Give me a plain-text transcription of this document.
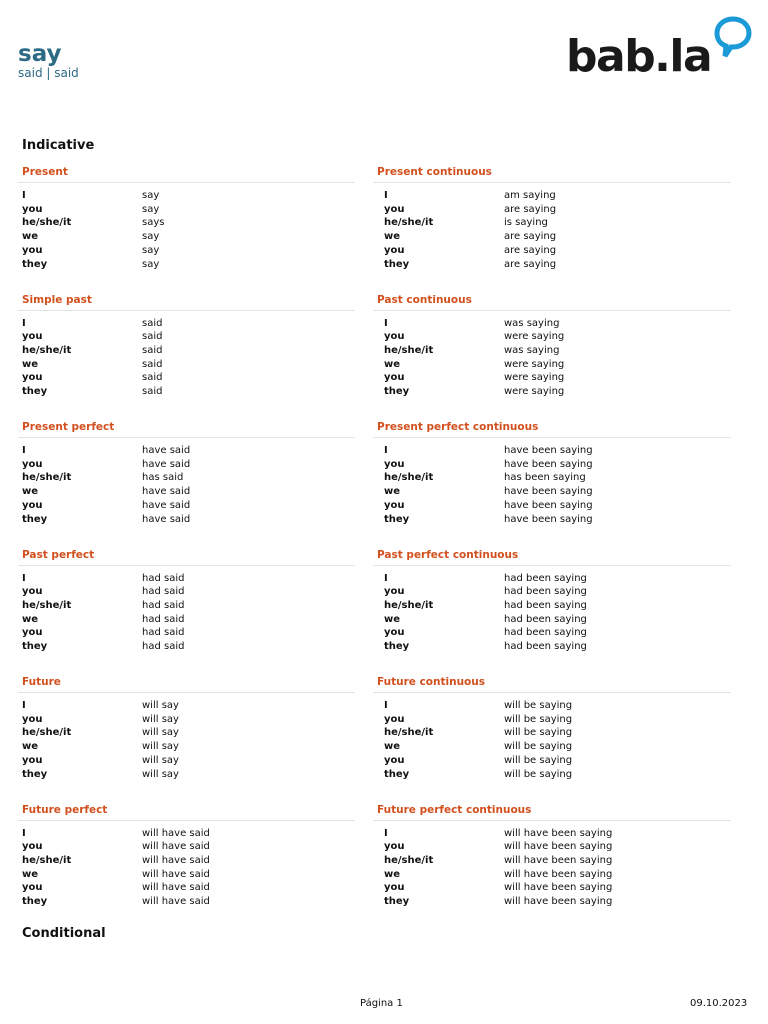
say
said | said	bab.la
Indicative
Present
I	say
you	say
he/she/it	says
we	say
you	say
they	say
Present continuous
I	am saying
you	are saying
he/she/it	is saying
we	are saying
you	are saying
they	are saying
Simple past
I	said
you	said
he/she/it	said
we	said
you	said
they	said
Past continuous
I	was saying
you	were saying
he/she/it	was saying
we	were saying
you	were saying
they	were saying
Present perfect
I	have said
you	have said
he/she/it	has said
we	have said
you	have said
they	have said
Present perfect continuous
I	have been saying
you	have been saying
he/she/it	has been saying
we	have been saying
you	have been saying
they	have been saying
Past perfect
I	had said
you	had said
he/she/it	had said
we	had said
you	had said
they	had said
Past perfect continuous
I	had been saying
you	had been saying
he/she/it	had been saying
we	had been saying
you	had been saying
they	had been saying
Future
I	will say
you	will say
he/she/it	will say
we	will say
you	will say
they	will say
Future continuous
I	will be saying
you	will be saying
he/she/it	will be saying
we	will be saying
you	will be saying
they	will be saying
Future perfect
I	will have said
you	will have said
he/she/it	will have said
we	will have said
you	will have said
they	will have said
Future perfect continuous
I	will have been saying
you	will have been saying
he/she/it	will have been saying
we	will have been saying
you	will have been saying
they	will have been saying
Conditional
Página 1	09.10.2023
